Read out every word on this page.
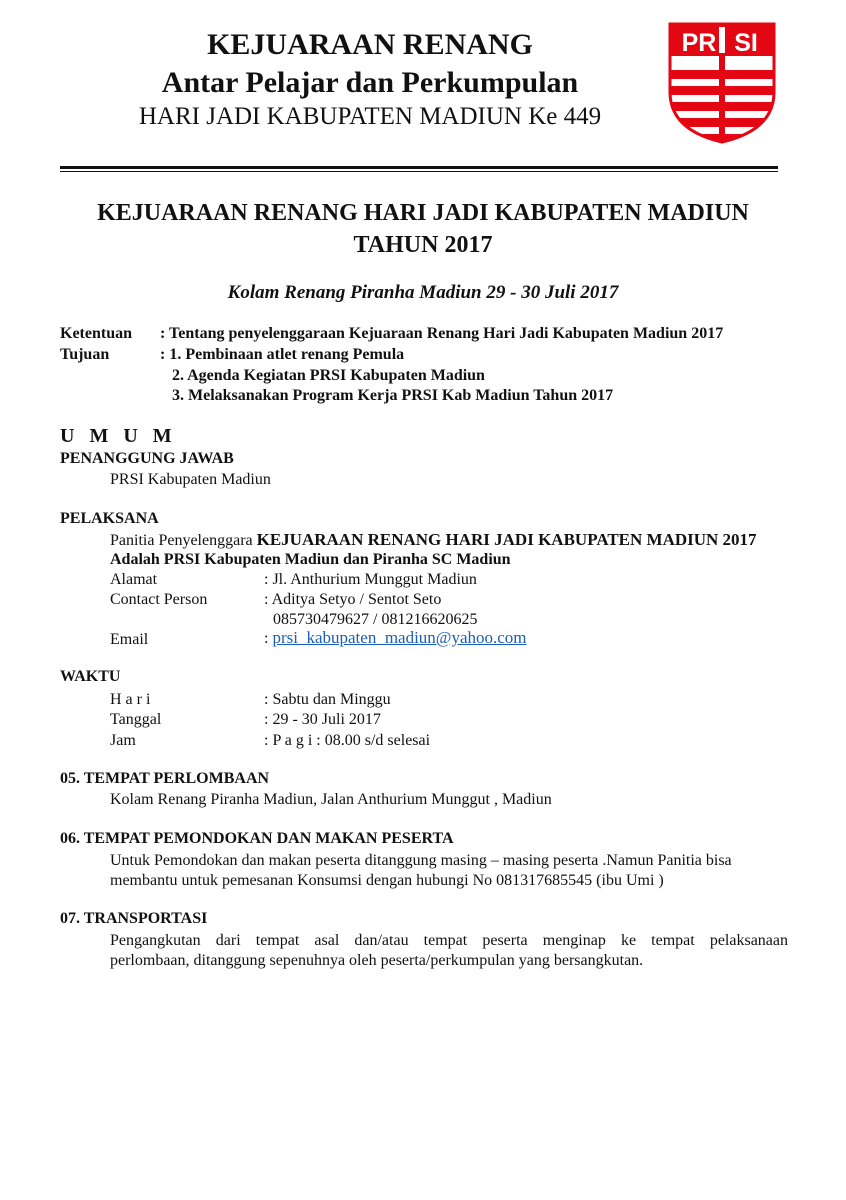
KEJUARAAN RENANG
Antar Pelajar dan Perkumpulan
HARI JADI KABUPATEN MADIUN Ke 449
PR SI
KEJUARAAN RENANG HARI JADI KABUPATEN MADIUN
TAHUN 2017
Kolam Renang Piranha Madiun 29 - 30 Juli 2017
Ketentuan : Tentang penyelenggaraan Kejuaraan Renang Hari Jadi Kabupaten Madiun 2017
Tujuan	: 1. Pembinaan atlet renang Pemula
2. Agenda Kegiatan PRSI Kabupaten Madiun
3. Melaksanakan Program Kerja PRSI Kab Madiun Tahun 2017
U M U M
PENANGGUNG JAWAB
PRSI Kabupaten Madiun
PELAKSANA
Panitia Penyelenggara KEJUARAAN RENANG HARI JADI KABUPATEN MADIUN 2017
Adalah PRSI Kabupaten Madiun dan Piranha SC Madiun
Alamat	: Jl. Anthurium Munggut Madiun
Contact Person	: Aditya Setyo / Sentot Seto
085730479627 / 081216620625
Email	: prsi_kabupaten_madiun@yahoo.com
WAKTU
H a r i	: Sabtu dan Minggu
Tanggal	: 29 - 30 Juli 2017
Jam	: P a g i : 08.00 s/d selesai
05. TEMPAT PERLOMBAAN
Kolam Renang Piranha Madiun, Jalan Anthurium Munggut , Madiun
06. TEMPAT PEMONDOKAN DAN MAKAN PESERTA
Untuk Pemondokan dan makan peserta ditanggung masing – masing peserta .Namun Panitia bisa
membantu untuk pemesanan Konsumsi dengan hubungi No 081317685545 (ibu Umi )
07. TRANSPORTASI
Pengangkutan dari tempat asal dan/atau tempat peserta menginap ke tempat pelaksanaan
perlombaan, ditanggung sepenuhnya oleh peserta/perkumpulan yang bersangkutan.
